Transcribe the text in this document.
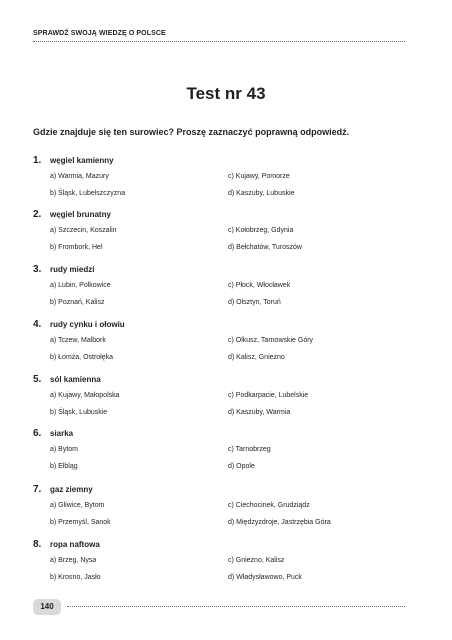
SPRAWDŹ SWOJĄ WIEDZĘ O POLSCE
Test nr 43
Gdzie znajduje się ten surowiec? Proszę zaznaczyć poprawną odpowiedź.
1. węgiel kamienny
a) Warmia, Mazury
b) Śląsk, Lubelszczyzna
c) Kujawy, Pomorze
d) Kaszuby, Lubuskie
2. węgiel brunatny
a) Szczecin, Koszalin
b) Frombork, Hel
c) Kołobrzeg, Gdynia
d) Bełchatów, Turoszów
3. rudy miedzi
a) Lubin, Polkowice
b) Poznań, Kalisz
c) Płock, Włocławek
d) Olsztyn, Toruń
4. rudy cynku i ołowiu
a) Tczew, Malbork
b) Łomża, Ostrołęka
c) Olkusz, Tarnowskie Góry
d) Kalisz, Gniezno
5. sól kamienna
a) Kujawy, Małopolska
b) Śląsk, Lubuskie
c) Podkarpacie, Lubelskie
d) Kaszuby, Warmia
6. siarka
a) Bytom
b) Elbląg
c) Tarnobrzeg
d) Opole
7. gaz ziemny
a) Gliwice, Bytom
b) Przemyśl, Sanok
c) Ciechocinek, Grudziądz
d) Międzyzdroje, Jastrzębia Góra
8. ropa naftowa
a) Brzeg, Nysa
b) Krosno, Jasło
c) Gniezno, Kalisz
d) Władysławowo, Puck
140
